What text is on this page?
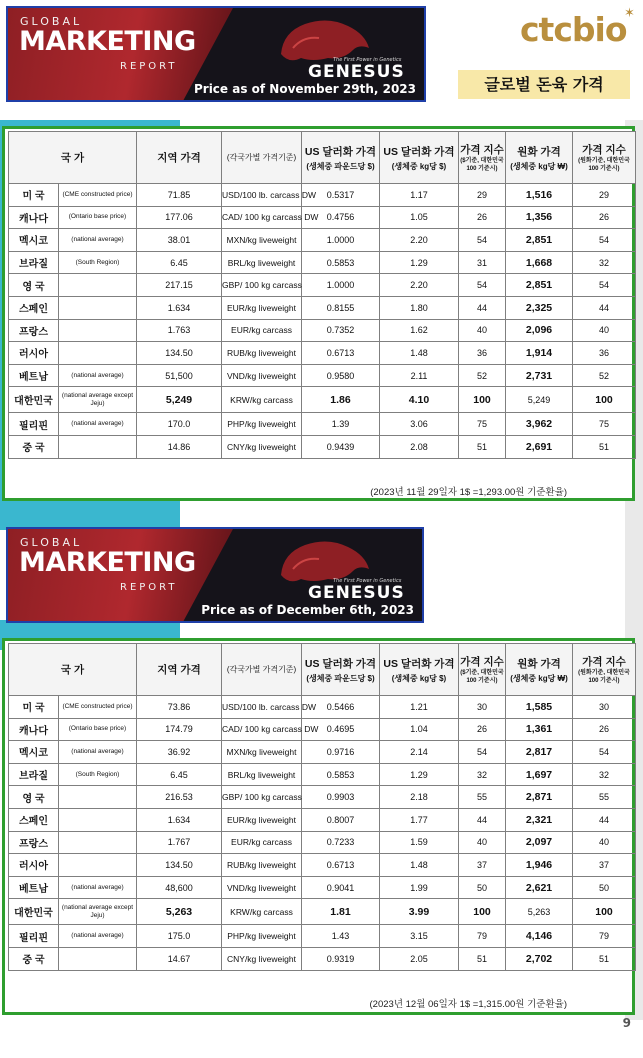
GLOBAL
MARKETING
REPORT
The First Power in Genetics
GENESUS
Price as of November 29th, 2023
ctcbio
✶
글로벌 돈육 가격
국 가		지역 가격	(각국가별 가격기준)	US 달러화 가격
(생체중 파운드당 $)	US 달러화 가격
(생체중 kg당 $)	가격 지수
($기준, 대한민국 100 기준시)	원화 가격
(생체중 kg당 ₩)	가격 지수
(원화기준, 대한민국 100 기준시)

미 국	(CME constructed price)	71.85	USD/100 lb. carcass DW	0.5317	1.17	29	1,516	29
캐나다	(Ontario base price)	177.06	CAD/ 100 kg carcass DW	0.4756	1.05	26	1,356	26
멕시코	(national average)	38.01	MXN/kg liveweight	1.0000	2.20	54	2,851	54
브라질	(South Region)	6.45	BRL/kg liveweight	0.5853	1.29	31	1,668	32
영 국		217.15	GBP/ 100 kg carcass	1.0000	2.20	54	2,851	54
스페인		1.634	EUR/kg liveweight	0.8155	1.80	44	2,325	44
프랑스		1.763	EUR/kg carcass	0.7352	1.62	40	2,096	40
러시아		134.50	RUB/kg liveweight	0.6713	1.48	36	1,914	36
베트남	(national average)	51,500	VND/kg liveweight	0.9580	2.11	52	2,731	52
대한민국	(national average except Jeju)	5,249	KRW/kg carcass	1.86	4.10	100	5,249	100
필리핀	(national average)	170.0	PHP/kg liveweight	1.39	3.06	75	3,962	75
중 국		14.86	CNY/kg liveweight	0.9439	2.08	51	2,691	51

(2023년 11월 29일자 1$ =1,293.00원 기준환율)
GLOBAL
MARKETING
REPORT
The First Power in Genetics
GENESUS
Price as of December 6th, 2023
국 가		지역 가격	(각국가별 가격기준)	US 달러화 가격
(생체중 파운드당 $)	US 달러화 가격
(생체중 kg당 $)	가격 지수
($기준, 대한민국 100 기준시)	원화 가격
(생체중 kg당 ₩)	가격 지수
(원화기준, 대한민국 100 기준시)

미 국	(CME constructed price)	73.86	USD/100 lb. carcass DW	0.5466	1.21	30	1,585	30
캐나다	(Ontario base price)	174.79	CAD/ 100 kg carcass DW	0.4695	1.04	26	1,361	26
멕시코	(national average)	36.92	MXN/kg liveweight	0.9716	2.14	54	2,817	54
브라질	(South Region)	6.45	BRL/kg liveweight	0.5853	1.29	32	1,697	32
영 국		216.53	GBP/ 100 kg carcass	0.9903	2.18	55	2,871	55
스페인		1.634	EUR/kg liveweight	0.8007	1.77	44	2,321	44
프랑스		1.767	EUR/kg carcass	0.7233	1.59	40	2,097	40
러시아		134.50	RUB/kg liveweight	0.6713	1.48	37	1,946	37
베트남	(national average)	48,600	VND/kg liveweight	0.9041	1.99	50	2,621	50
대한민국	(national average except Jeju)	5,263	KRW/kg carcass	1.81	3.99	100	5,263	100
필리핀	(national average)	175.0	PHP/kg liveweight	1.43	3.15	79	4,146	79
중 국		14.67	CNY/kg liveweight	0.9319	2.05	51	2,702	51

(2023년 12월 06일자 1$ =1,315.00원 기준환율)
9
